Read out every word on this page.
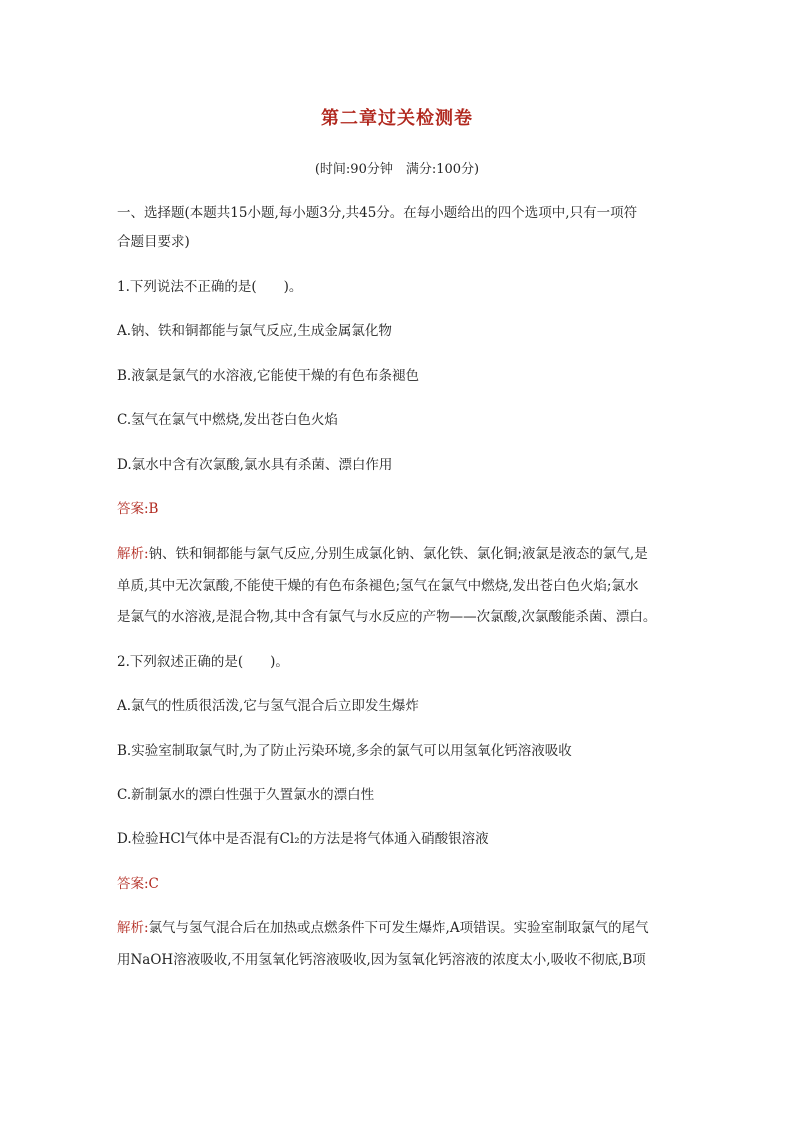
第二章过关检测卷
(时间:90分钟　满分:100分)
一、选择题(本题共15小题,每小题3分,共45分。在每小题给出的四个选项中,只有一项符
合题目要求)
1.下列说法不正确的是(　　)。
A.钠、铁和铜都能与氯气反应,生成金属氯化物
B.液氯是氯气的水溶液,它能使干燥的有色布条褪色
C.氢气在氯气中燃烧,发出苍白色火焰
D.氯水中含有次氯酸,氯水具有杀菌、漂白作用
答案:B
解析:钠、铁和铜都能与氯气反应,分别生成氯化钠、氯化铁、氯化铜;液氯是液态的氯气,是
单质,其中无次氯酸,不能使干燥的有色布条褪色;氢气在氯气中燃烧,发出苍白色火焰;氯水
是氯气的水溶液,是混合物,其中含有氯气与水反应的产物——次氯酸,次氯酸能杀菌、漂白。
2.下列叙述正确的是(　　)。
A.氯气的性质很活泼,它与氢气混合后立即发生爆炸
B.实验室制取氯气时,为了防止污染环境,多余的氯气可以用氢氧化钙溶液吸收
C.新制氯水的漂白性强于久置氯水的漂白性
D.检验HCl气体中是否混有Cl₂的方法是将气体通入硝酸银溶液
答案:C
解析:氯气与氢气混合后在加热或点燃条件下可发生爆炸,A项错误。实验室制取氯气的尾气
用NaOH溶液吸收,不用氢氧化钙溶液吸收,因为氢氧化钙溶液的浓度太小,吸收不彻底,B项
